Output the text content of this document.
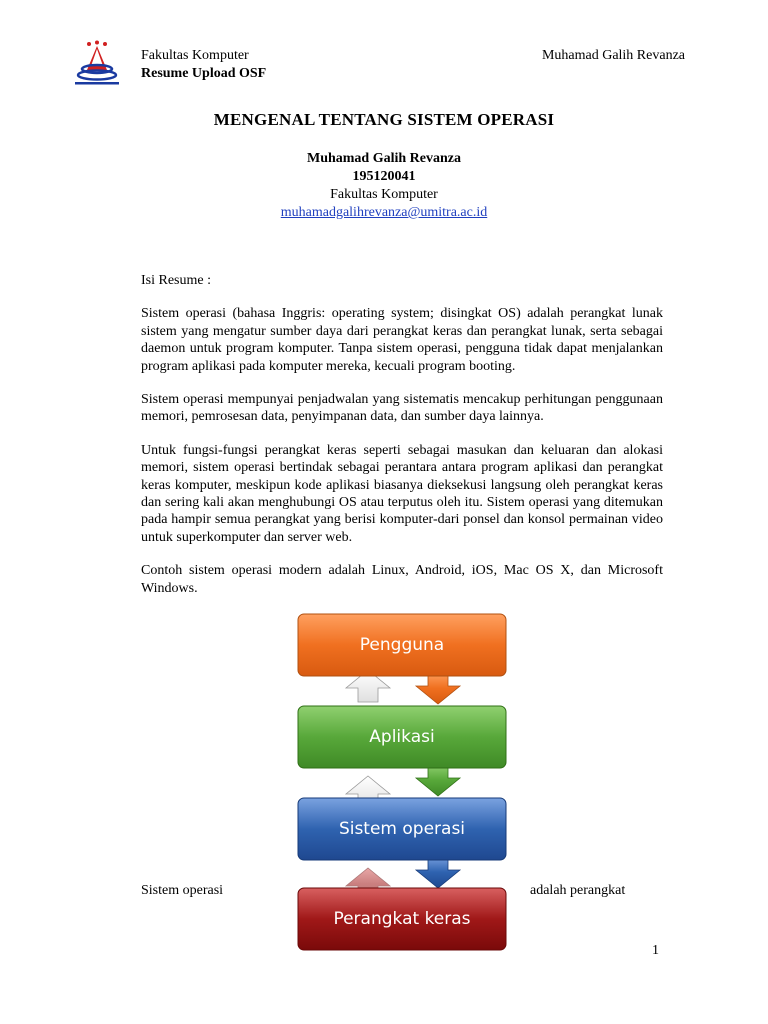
Fakultas Komputer
Resume Upload OSF
Muhamad Galih Revanza
MENGENAL TENTANG SISTEM OPERASI
Muhamad Galih Revanza
195120041
Fakultas Komputer
muhamadgalihrevanza@umitra.ac.id

Isi Resume :

Sistem operasi (bahasa Inggris: operating system; disingkat OS) adalah perangkat lunak sistem yang mengatur sumber daya dari perangkat keras dan perangkat lunak, serta sebagai daemon untuk program komputer. Tanpa sistem operasi, pengguna tidak dapat menjalankan program aplikasi pada komputer mereka, kecuali program booting.

Sistem operasi mempunyai penjadwalan yang sistematis mencakup perhitungan penggunaan memori, pemrosesan data, penyimpanan data, dan sumber daya lainnya.

Untuk fungsi-fungsi perangkat keras seperti sebagai masukan dan keluaran dan alokasi memori, sistem operasi bertindak sebagai perantara antara program aplikasi dan perangkat keras komputer, meskipun kode aplikasi biasanya dieksekusi langsung oleh perangkat keras dan sering kali akan menghubungi OS atau terputus oleh itu. Sistem operasi yang ditemukan pada hampir semua perangkat yang berisi komputer-dari ponsel dan konsol permainan video untuk superkomputer dan server web.

Contoh sistem operasi modern adalah Linux, Android, iOS, Mac OS X, dan Microsoft Windows.

Pengguna
Aplikasi
Sistem operasi
Perangkat keras
Sistem operasi	adalah perangkat
1
